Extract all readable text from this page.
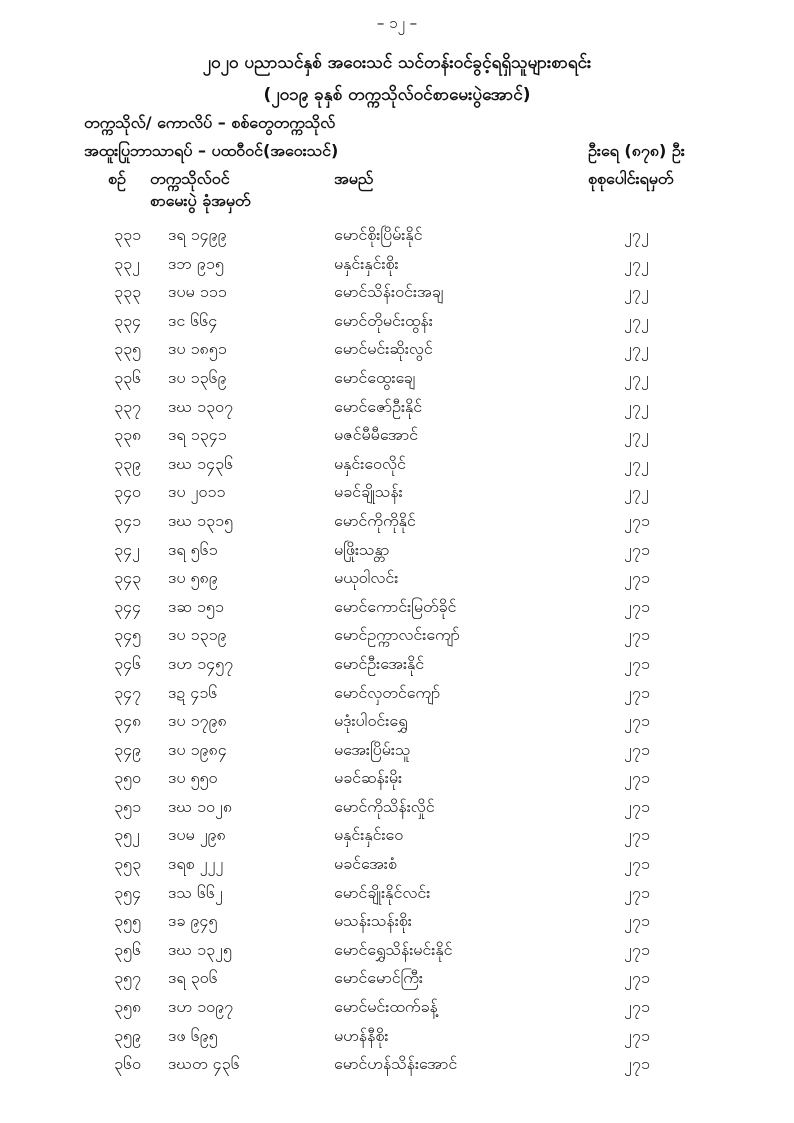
– ၁၂ –
၂၀၂၀ ပညာသင်နှစ် အဝေးသင် သင်တန်းဝင်ခွင့်ရရှိသူများစာရင်း
(၂၀၁၉ ခုနှစ် တက္ကသိုလ်ဝင်စာမေးပွဲအောင်)
တက္ကသိုလ်/ ကောလိပ် – စစ်တွေတက္ကသိုလ်
အထူးပြုဘာသာရပ် – ပထဝီဝင်(အဝေးသင်)	ဦးရေ (၈၇၈) ဦး
စဉ် တက္ကသိုလ်ဝင်စာမေးပွဲ ခုံအမှတ်
အမည်	စုစုပေါင်းရမှတ်
၃၃၁ ဒရ ၁၄၉၉	မောင်စိုးပြိမ်းနိုင်	၂၇၂
၃၃၂ ဒဘ ၉၁၅	မနှင်းနှင်းစိုး	၂၇၂
၃၃၃ ဒပမ ၁၁၁	မောင်သိန်းဝင်းအချ	၂၇၂
၃၃၄ ဒင ၆၆၄	မောင်တိုမင်းထွန်း	၂၇၂
၃၃၅ ဒပ ၁၈၅၁	မောင်မင်းဆိုးလွင်	၂၇၂
၃၃၆ ဒပ ၁၃၆၉	မောင်ထွေးချေ	၂၇၂
၃၃၇ ဒဃ ၁၃၀၇	မောင်ဇော်ဦးနိုင်	၂၇၂
၃၃၈ ဒရ ၁၃၄၁	မဇင်မီမီအောင်	၂၇၂
၃၃၉ ဒဃ ၁၄၃၆	မနှင်းဝေလိုင်	၂၇၂
၃၄၀ ဒပ ၂၀၁၁	မခင်ချိုသန်း	၂၇၂
၃၄၁ ဒဃ ၁၃၁၅	မောင်ကိုကိုနိုင်	၂၇၁
၃၄၂ ဒရ ၅၆၁	မဖြိုးသန္တာ	၂၇၁
၃၄၃ ဒပ ၅၈၉	မယုဝါလင်း	၂၇၁
၃၄၄ ဒဆ ၁၅၁	မောင်ကောင်းမြတ်ခိုင်	၂၇၁
၃၄၅ ဒပ ၁၃၁၉	မောင်ဥက္ကာလင်းကျော်	၂၇၁
၃၄၆ ဒဟ ၁၄၅၇	မောင်ဦးအေးနိုင်	၂၇၁
၃၄၇ ဒဍ ၄၁၆	မောင်လှတင်ကျော်	၂၇၁
၃၄၈ ဒပ ၁၇၉၈	မဒုံးပါဝင်းရွှေ	၂၇၁
၃၄၉ ဒပ ၁၉၈၄	မအေးပြိမ်းသူ	၂၇၁
၃၅၀ ဒပ ၅၅၀	မခင်ဆန်းမိုး	၂၇၁
၃၅၁ ဒဃ ၁၀၂၈	မောင်ကိုသိန်းလှိုင်	၂၇၁
၃၅၂ ဒပမ ၂၉၈	မနှင်းနှင်းဝေ	၂၇၁
၃၅၃ ဒရစ ၂၂၂	မခင်အေးစံ	၂၇၁
၃၅၄ ဒသ ၆၆၂	မောင်ချိုးနိုင်လင်း	၂၇၁
၃၅၅ ဒခ ၉၄၅	မသန်းသန်းစိုး	၂၇၁
၃၅၆ ဒဃ ၁၃၂၅	မောင်ရွှေသိန်းမင်းနိုင်	၂၇၁
၃၅၇ ဒရ ၃၀၆	မောင်မောင်ကြီး	၂၇၁
၃၅၈ ဒဟ ၁၀၉၇	မောင်မင်းထက်ခန့်	၂၇၁
၃၅၉ ဒဖ ၆၉၅	မဟန်နီစိုး	၂၇၁
၃၆၀ ဒဃတ ၄၃၆	မောင်ဟန်သိန်းအောင်	၂၇၁
